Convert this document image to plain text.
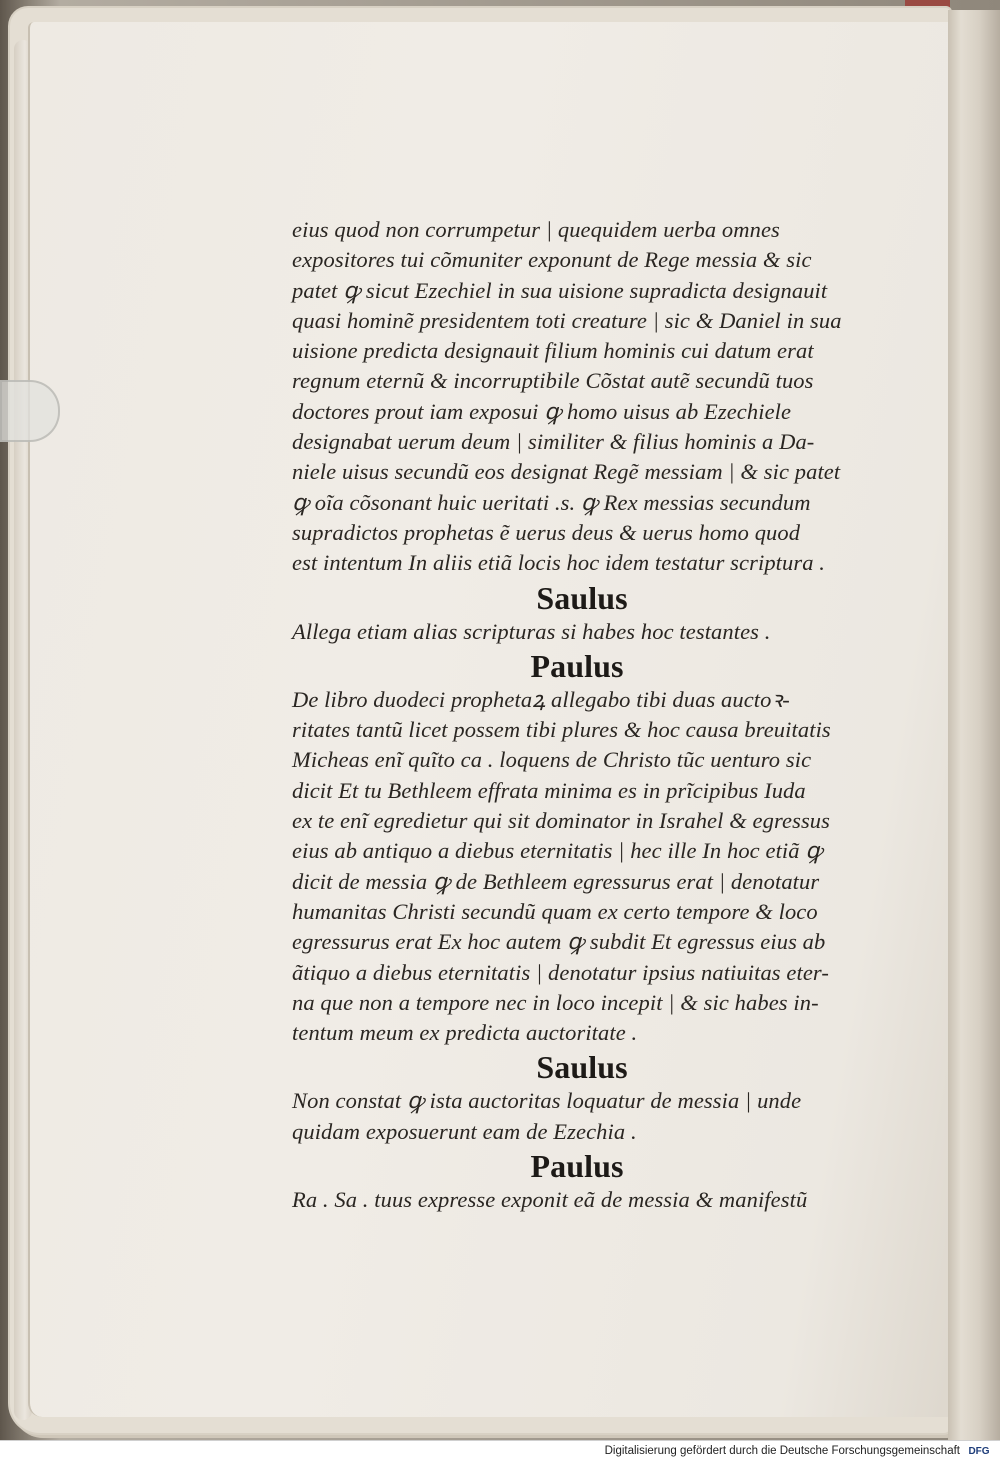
eius quod non corrumpetur | quequidem uerba omnes
expositores tui cõmuniter exponunt de Rege messia & sic
patet ꝙ sicut Ezechiel in sua uisione supradicta designauit
quasi hominẽ presidentem toti creature | sic & Daniel in sua
uisione predicta designauit filium hominis cui datum erat
regnum eternũ & incorruptibile Cõstat autẽ secundũ tuos
doctores prout iam exposui ꝙ homo uisus ab Ezechiele
designabat uerum deum | similiter & filius hominis a Da-
niele uisus secundũ eos designat Regẽ messiam | & sic patet
ꝙ oĩa cõsonant huic ueritati .s. ꝙ Rex messias secundum
supradictos prophetas ẽ uerus deus & uerus homo quod
est intentum In aliis etiã locis hoc idem testatur scriptura .
Saulus
Allega etiam alias scripturas si habes hoc testantes .
Paulus
De libro duodeci prophetaꝝ allegabo tibi duas auctoꝛ-
ritates tantũ licet possem tibi plures & hoc causa breuitatis
Micheas enĩ quĩto ca . loquens de Christo tũc uenturo sic
dicit Et tu Bethleem effrata minima es in prĩcipibus Iuda
ex te enĩ egredietur qui sit dominator in Israhel & egressus
eius ab antiquo a diebus eternitatis | hec ille In hoc etiã ꝙ
dicit de messia ꝙ de Bethleem egressurus erat | denotatur
humanitas Christi secundũ quam ex certo tempore & loco
egressurus erat Ex hoc autem ꝙ subdit Et egressus eius ab
ãtiquo a diebus eternitatis | denotatur ipsius natiuitas eter-
na que non a tempore nec in loco incepit | & sic habes in-
tentum meum ex predicta auctoritate .
Saulus
Non constat ꝙ ista auctoritas loquatur de messia | unde
quidam exposuerunt eam de Ezechia .
Paulus
Ra . Sa . tuus expresse exponit eã de messia & manifestũ
Digitalisierung gefördert durch die Deutsche Forschungsgemeinschaft DFG
